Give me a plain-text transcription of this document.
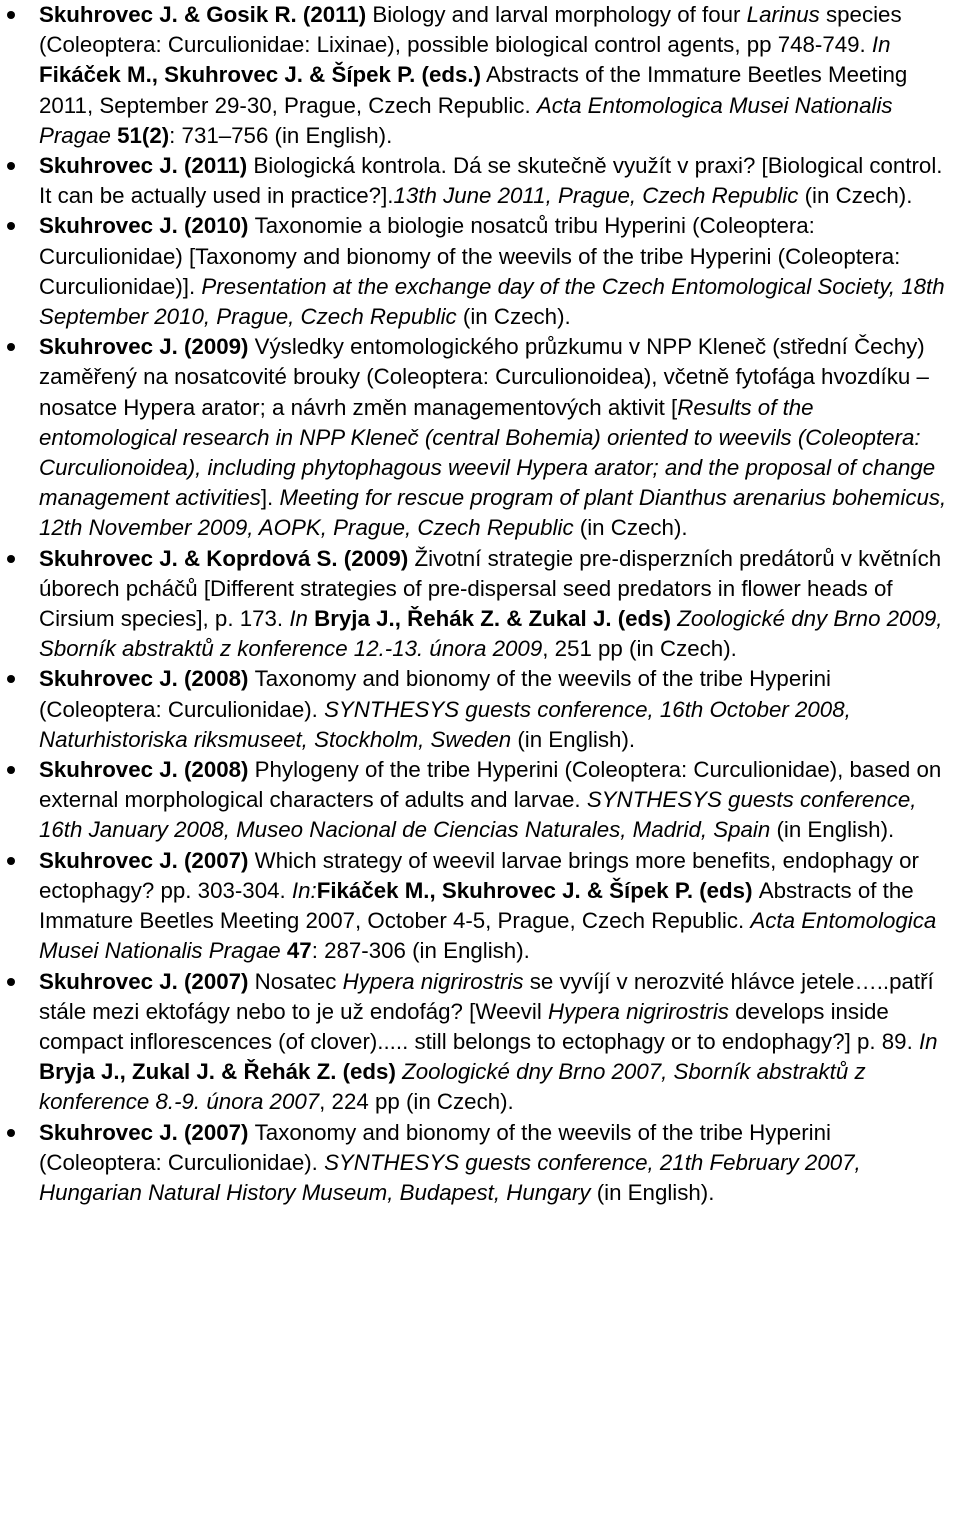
Skuhrovec J. & Gosik R. (2011) Biology and larval morphology of four Larinus species (Coleoptera: Curculionidae: Lixinae), possible biological control agents, pp 748-749. In Fikáček M., Skuhrovec J. & Šípek P. (eds.) Abstracts of the Immature Beetles Meeting 2011, September 29-30, Prague, Czech Republic. Acta Entomologica Musei Nationalis Pragae 51(2): 731–756 (in English).
Skuhrovec J. (2011) Biologická kontrola. Dá se skutečně využít v praxi? [Biological control. It can be actually used in practice?].13th June 2011, Prague, Czech Republic (in Czech).
Skuhrovec J. (2010) Taxonomie a biologie nosatců tribu Hyperini (Coleoptera: Curculionidae) [Taxonomy and bionomy of the weevils of the tribe Hyperini (Coleoptera: Curculionidae)]. Presentation at the exchange day of the Czech Entomological Society, 18th September 2010, Prague, Czech Republic (in Czech).
Skuhrovec J. (2009) Výsledky entomologického průzkumu v NPP Kleneč (střední Čechy) zaměřený na nosatcovité brouky (Coleoptera: Curculionoidea), včetně fytofága hvozdíku – nosatce Hypera arator; a návrh změn managementových aktivit [Results of the entomological research in NPP Kleneč (central Bohemia) oriented to weevils (Coleoptera: Curculionoidea), including phytophagous weevil Hypera arator; and the proposal of change management activities]. Meeting for rescue program of plant Dianthus arenarius bohemicus, 12th November 2009, AOPK, Prague, Czech Republic (in Czech).
Skuhrovec J. & Koprdová S. (2009) Životní strategie pre-disperzních predátorů v květních úborech pcháčů [Different strategies of pre-dispersal seed predators in flower heads of Cirsium species], p. 173. In Bryja J., Řehák Z. & Zukal J. (eds) Zoologické dny Brno 2009, Sborník abstraktů z konference 12.-13. února 2009, 251 pp (in Czech).
Skuhrovec J. (2008) Taxonomy and bionomy of the weevils of the tribe Hyperini (Coleoptera: Curculionidae). SYNTHESYS guests conference, 16th October 2008, Naturhistoriska riksmuseet, Stockholm, Sweden (in English).
Skuhrovec J. (2008) Phylogeny of the tribe Hyperini (Coleoptera: Curculionidae), based on external morphological characters of adults and larvae. SYNTHESYS guests conference, 16th January 2008, Museo Nacional de Ciencias Naturales, Madrid, Spain (in English).
Skuhrovec J. (2007) Which strategy of weevil larvae brings more benefits, endophagy or ectophagy? pp. 303-304. In:Fikáček M., Skuhrovec J. & Šípek P. (eds) Abstracts of the Immature Beetles Meeting 2007, October 4-5, Prague, Czech Republic. Acta Entomologica Musei Nationalis Pragae 47: 287-306 (in English).
Skuhrovec J. (2007) Nosatec Hypera nigrirostris se vyvíjí v nerozvité hlávce jetele…..patří stále mezi ektofágy nebo to je už endofág? [Weevil Hypera nigrirostris develops inside compact inflorescences (of clover)..... still belongs to ectophagy or to endophagy?] p. 89. In Bryja J., Zukal J. & Řehák Z. (eds) Zoologické dny Brno 2007, Sborník abstraktů z konference 8.-9. února 2007, 224 pp (in Czech).
Skuhrovec J. (2007) Taxonomy and bionomy of the weevils of the tribe Hyperini (Coleoptera: Curculionidae). SYNTHESYS guests conference, 21th February 2007, Hungarian Natural History Museum, Budapest, Hungary (in English).
